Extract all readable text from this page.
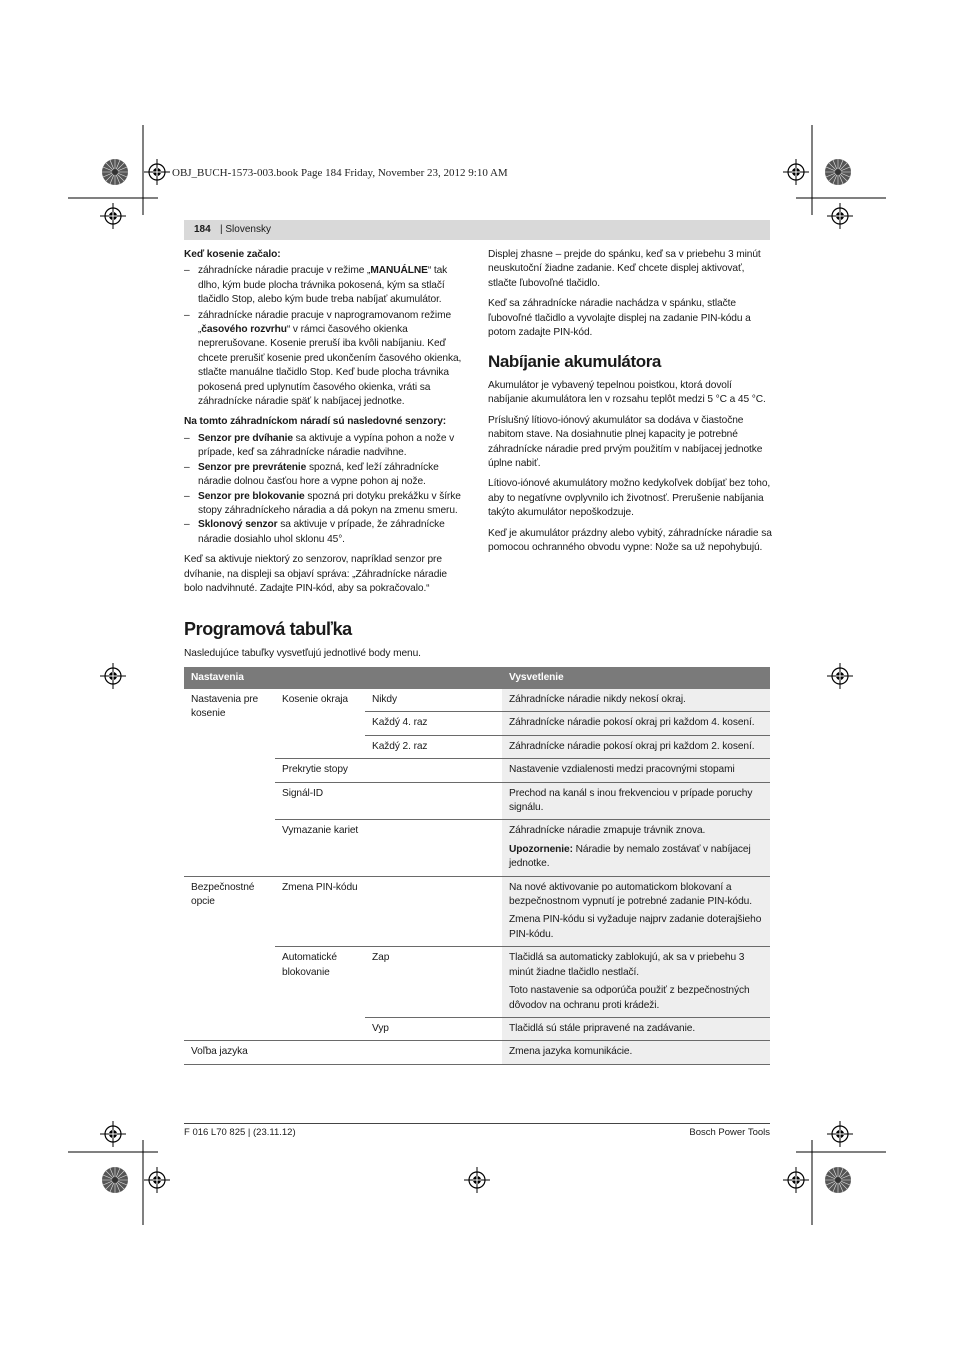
OBJ_BUCH-1573-003.book Page 184 Friday, November 23, 2012 9:10 AM
184 | Slovensky

Keď kosenie začalo:

– záhradnícke náradie pracuje v režime „MANUÁLNE“ tak dlho, kým bude plocha trávnika pokosená, kým sa stlačí tlačidlo Stop, alebo kým bude treba nabíjať akumulátor.

– záhradnícke náradie pracuje v naprogramovanom režime „časového rozvrhu“ v rámci časového okienka neprerušovane. Kosenie preruší iba kvôli nabíjaniu. Keď chcete prerušiť kosenie pred ukončením časového okienka, stlačte manuálne tlačidlo Stop. Keď bude plocha trávnika pokosená pred uplynutím časového okienka, vráti sa záhradnícke náradie späť k nabíjacej jednotke.

Na tomto záhradníckom náradí sú nasledovné senzory:

– Senzor pre dvíhanie sa aktivuje a vypína pohon a nože v prípade, keď sa záhradnícke náradie nadvihne.

– Senzor pre prevrátenie spozná, keď leží záhradnícke náradie dolnou časťou hore a vypne pohon aj nože.

– Senzor pre blokovanie spozná pri dotyku prekážku v šírke stopy záhradníckeho náradia a dá pokyn na zmenu smeru.

– Sklonový senzor sa aktivuje v prípade, že záhradnícke náradie dosiahlo uhol sklonu 45°.

Keď sa aktivuje niektorý zo senzorov, napríklad senzor pre dvíhanie, na displeji sa objaví správa: „Záhradnícke náradie bolo nadvihnuté. Zadajte PIN-kód, aby sa pokračovalo.“

Displej zhasne – prejde do spánku, keď sa v priebehu 3 minút neuskutoční žiadne zadanie. Keď chcete displej aktivovať, stlačte ľubovoľné tlačidlo.

Keď sa záhradnícke náradie nachádza v spánku, stlačte ľubovoľné tlačidlo a vyvolajte displej na zadanie PIN-kódu a potom zadajte PIN-kód.

Nabíjanie akumulátora

Akumulátor je vybavený tepelnou poistkou, ktorá dovolí nabíjanie akumulátora len v rozsahu teplôt medzi 5 °C a 45 °C.

Príslušný lítiovo-iónový akumulátor sa dodáva v čiastočne nabitom stave. Na dosiahnutie plnej kapacity je potrebné záhradnícke náradie pred prvým použitím v nabíjacej jednotke úplne nabiť.

Lítiovo-iónové akumulátory možno kedykoľvek dobíjať bez toho, aby to negatívne ovplyvnilo ich životnosť. Prerušenie nabíjania takýto akumulátor nepoškodzuje.

Keď je akumulátor prázdny alebo vybitý, záhradnícke náradie sa pomocou ochranného obvodu vypne: Nože sa už nepohybujú.

Programová tabuľka
Nasledujúce tabuľky vysvetľujú jednotlivé body menu.
Nastavenia			Vysvetlenie
Nastavenia pre kosenie	Kosenie okraja	Nikdy	Záhradnícke náradie nikdy nekosí okraj.
		Každý 4. raz	Záhradnícke náradie pokosí okraj pri každom 4. kosení.
		Každý 2. raz	Záhradnícke náradie pokosí okraj pri každom 2. kosení.
	Prekrytie stopy		Nastavenie vzdialenosti medzi pracovnými stopami
	Signál-ID		Prechod na kanál s inou frekvenciou v prípade poruchy signálu.
	Vymazanie kariet		Záhradnícke náradie zmapuje trávnik znova.
Upozornenie: Náradie by nemalo zostávať v nabíjacej jednotke.

Bezpečnostné opcie	Zmena PIN-kódu		Na nové aktivovanie po automatickom blokovaní a bezpečnostnom vypnutí je potrebné zadanie PIN-kódu.
Zmena PIN-kódu si vyžaduje najprv zadanie doterajšieho PIN-kódu.

	Automatické blokovanie	Zap	Tlačidlá sa automaticky zablokujú, ak sa v priebehu 3 minút žiadne tlačidlo nestlačí.
Toto nastavenie sa odporúča použiť z bezpečnostných dôvodov na ochranu proti krádeži.

		Vyp	Tlačidlá sú stále pripravené na zadávanie.
Voľba jazyka			Zmena jazyka komunikácie.
F 016 L70 825 | (23.11.12)	Bosch Power Tools
